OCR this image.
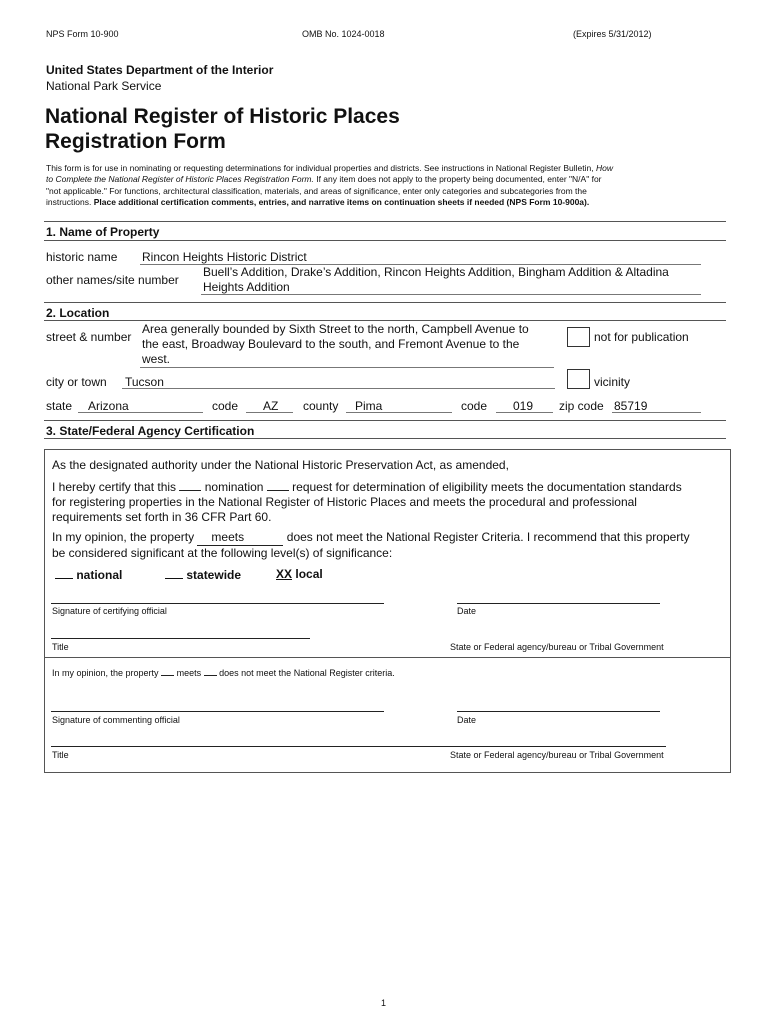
NPS Form 10-900	OMB No. 1024-0018	(Expires 5/31/2012)
United States Department of the Interior
National Park Service
National Register of Historic Places
Registration Form
This form is for use in nominating or requesting determinations for individual properties and districts. See instructions in National Register Bulletin, How
to Complete the National Register of Historic Places Registration Form. If any item does not apply to the property being documented, enter "N/A" for
"not applicable." For functions, architectural classification, materials, and areas of significance, enter only categories and subcategories from the
instructions. Place additional certification comments, entries, and narrative items on continuation sheets if needed (NPS Form 10-900a).
1. Name of Property
historic name Rincon Heights Historic District
other names/site number
Buell’s Addition, Drake’s Addition, Rincon Heights Addition, Bingham Addition & Altadina
Heights Addition
2. Location
street & number
Area generally bounded by Sixth Street to the north, Campbell Avenue to
the east, Broadway Boulevard to the south, and Fremont Avenue to the
west.
not for publication
city or town Tucson	vicinity
state Arizona	code AZ county Pima	code 019 zip code 85719
3. State/Federal Agency Certification
As the designated authority under the National Historic Preservation Act, as amended,
I hereby certify that this nomination request for determination of eligibility meets the documentation standards
for registering properties in the National Register of Historic Places and meets the procedural and professional
requirements set forth in 36 CFR Part 60.
In my opinion, the property meets	does not meet the National Register Criteria. I recommend that this property
be considered significant at the following level(s) of significance:
national	statewide	XX local
Signature of certifying official	Date
Title	State or Federal agency/bureau or Tribal Government
In my opinion, the property meets does not meet the National Register criteria.
Signature of commenting official	Date
Title	State or Federal agency/bureau or Tribal Government
1
